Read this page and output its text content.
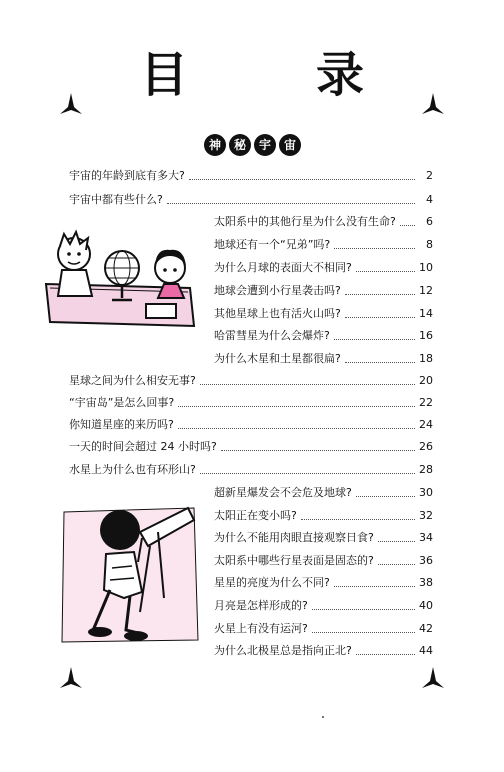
目　录
神	秘	宇	宙
宇宙的年龄到底有多大?	2
宇宙中都有些什么?	4
太阳系中的其他行星为什么没有生命?	6
地球还有一个“兄弟”吗?	8
为什么月球的表面大不相同?	10
地球会遭到小行星袭击吗?	12
其他星球上也有活火山吗?	14
哈雷彗星为什么会爆炸?	16
为什么木星和土星都很扁?	18
星球之间为什么相安无事?	20
“宇宙岛”是怎么回事?	22
你知道星座的来历吗?	24
一天的时间会超过 24 小时吗?	26
水星上为什么也有环形山?	28
超新星爆发会不会危及地球?	30
太阳正在变小吗?	32
为什么不能用肉眼直接观察日食?	34
太阳系中哪些行星表面是固态的?	36
星星的亮度为什么不同?	38
月亮是怎样形成的?	40
火星上有没有运河?	42
为什么北极星总是指向正北?	44
